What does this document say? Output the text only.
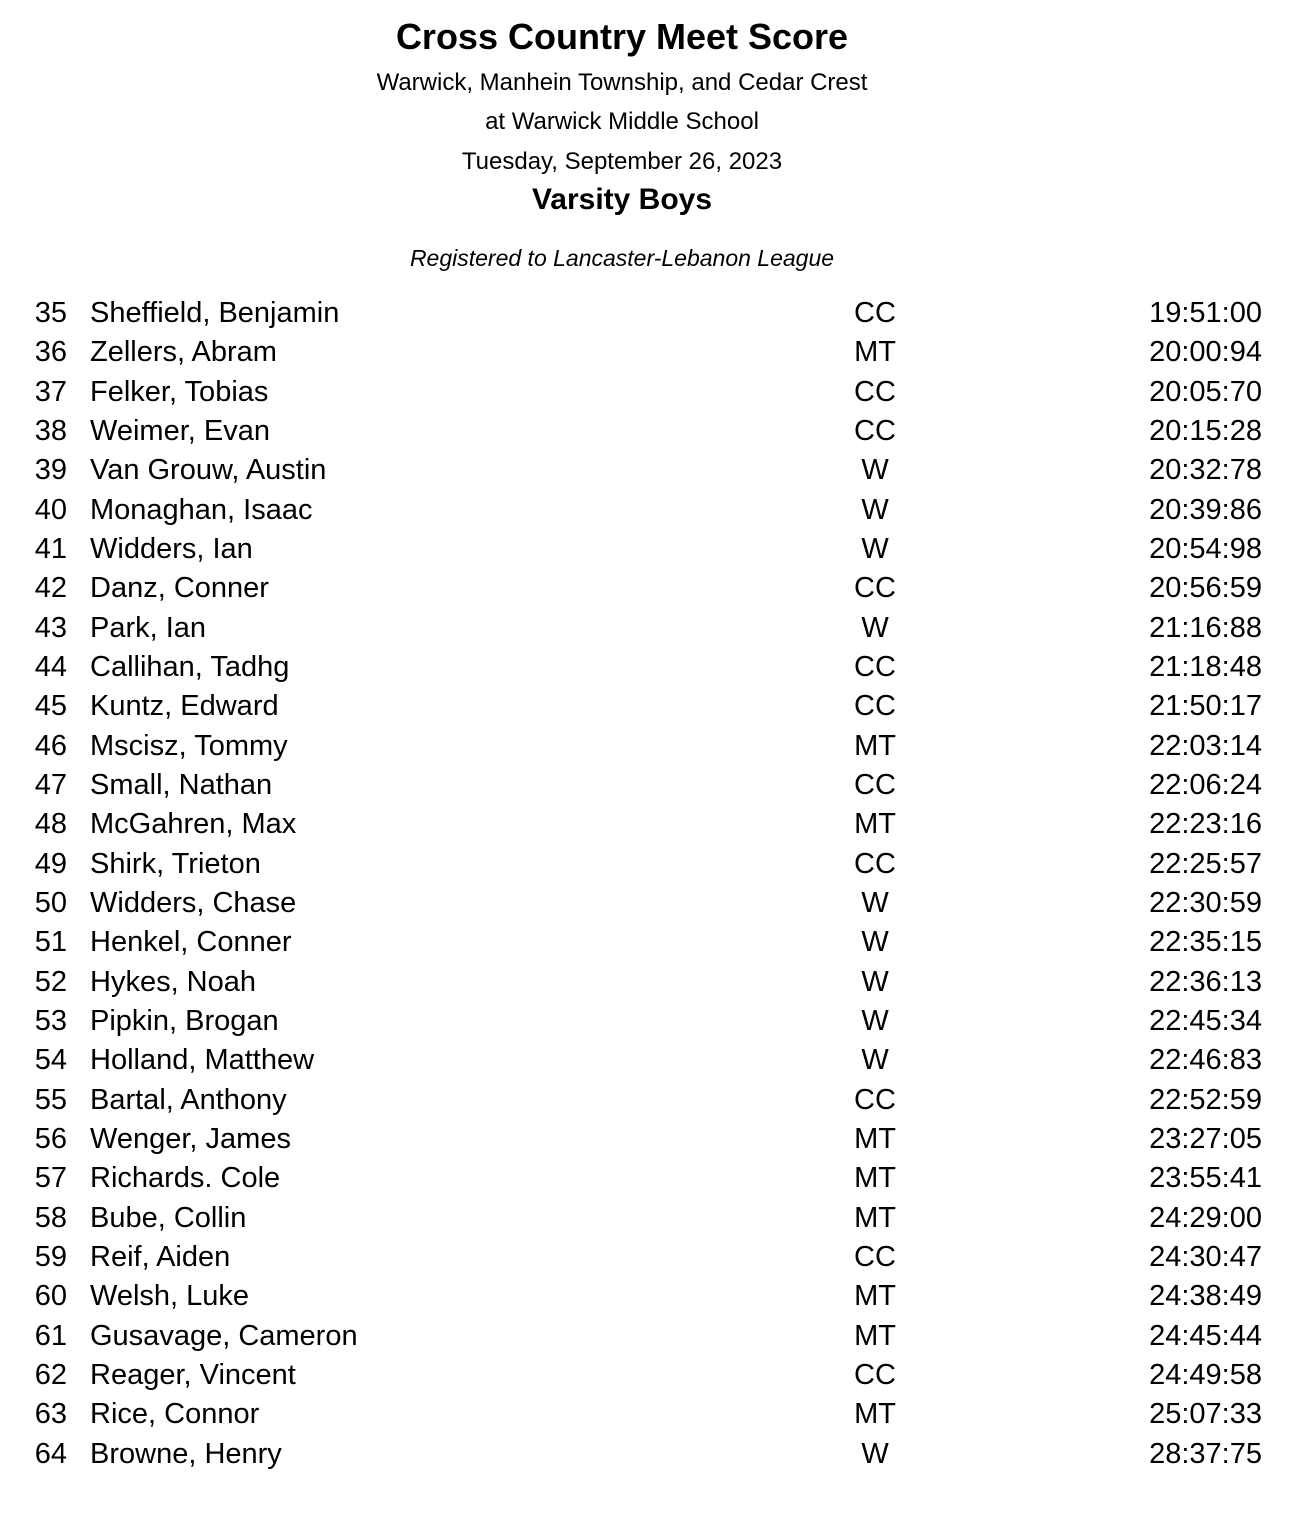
Cross Country Meet Score
Warwick, Manhein Township, and Cedar Crest
at Warwick Middle School
Tuesday, September 26, 2023
Varsity Boys
Registered to Lancaster-Lebanon League
35 Sheffield, Benjamin	CC	19:51:00
36 Zellers, Abram	MT	20:00:94
37 Felker, Tobias	CC	20:05:70
38 Weimer, Evan	CC	20:15:28
39 Van Grouw, Austin	W	20:32:78
40 Monaghan, Isaac	W	20:39:86
41 Widders, Ian	W	20:54:98
42 Danz, Conner	CC	20:56:59
43 Park, Ian	W	21:16:88
44 Callihan, Tadhg	CC	21:18:48
45 Kuntz, Edward	CC	21:50:17
46 Mscisz, Tommy	MT	22:03:14
47 Small, Nathan	CC	22:06:24
48 McGahren, Max	MT	22:23:16
49 Shirk, Trieton	CC	22:25:57
50 Widders, Chase	W	22:30:59
51 Henkel, Conner	W	22:35:15
52 Hykes, Noah	W	22:36:13
53 Pipkin, Brogan	W	22:45:34
54 Holland, Matthew	W	22:46:83
55 Bartal, Anthony	CC	22:52:59
56 Wenger, James	MT	23:27:05
57 Richards. Cole	MT	23:55:41
58 Bube, Collin	MT	24:29:00
59 Reif, Aiden	CC	24:30:47
60 Welsh, Luke	MT	24:38:49
61 Gusavage, Cameron	MT	24:45:44
62 Reager, Vincent	CC	24:49:58
63 Rice, Connor	MT	25:07:33
64 Browne, Henry	W	28:37:75
